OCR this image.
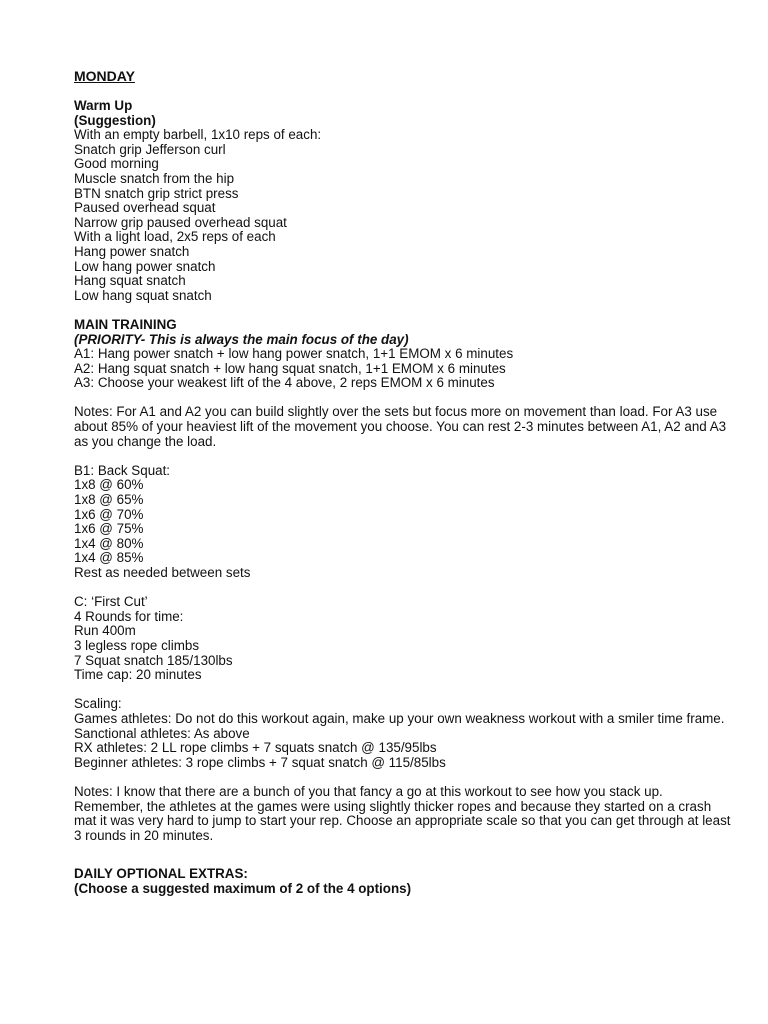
MONDAY
Warm Up
(Suggestion)
With an empty barbell, 1x10 reps of each:
Snatch grip Jefferson curl
Good morning
Muscle snatch from the hip
BTN snatch grip strict press
Paused overhead squat
Narrow grip paused overhead squat
With a light load, 2x5 reps of each
Hang power snatch
Low hang power snatch
Hang squat snatch
Low hang squat snatch
MAIN TRAINING
(PRIORITY- This is always the main focus of the day)
A1: Hang power snatch + low hang power snatch, 1+1 EMOM x 6 minutes
A2: Hang squat snatch + low hang squat snatch, 1+1 EMOM x 6 minutes
A3: Choose your weakest lift of the 4 above, 2 reps EMOM x 6 minutes
Notes: For A1 and A2 you can build slightly over the sets but focus more on movement than load. For A3 use about 85% of your heaviest lift of the movement you choose. You can rest 2-3 minutes between A1, A2 and A3 as you change the load.
B1: Back Squat:
1x8 @ 60%
1x8 @ 65%
1x6 @ 70%
1x6 @ 75%
1x4 @ 80%
1x4 @ 85%
Rest as needed between sets
C: ‘First Cut’
4 Rounds for time:
Run 400m
3 legless rope climbs
7 Squat snatch 185/130lbs
Time cap: 20 minutes
Scaling:
Games athletes: Do not do this workout again, make up your own weakness workout with a smiler time frame.
Sanctional athletes: As above
RX athletes: 2 LL rope climbs + 7 squats snatch @ 135/95lbs
Beginner athletes: 3 rope climbs + 7 squat snatch @ 115/85lbs
Notes: I know that there are a bunch of you that fancy a go at this workout to see how you stack up. Remember, the athletes at the games were using slightly thicker ropes and because they started on a crash mat it was very hard to jump to start your rep. Choose an appropriate scale so that you can get through at least 3 rounds in 20 minutes.
DAILY OPTIONAL EXTRAS:
(Choose a suggested maximum of 2 of the 4 options)
